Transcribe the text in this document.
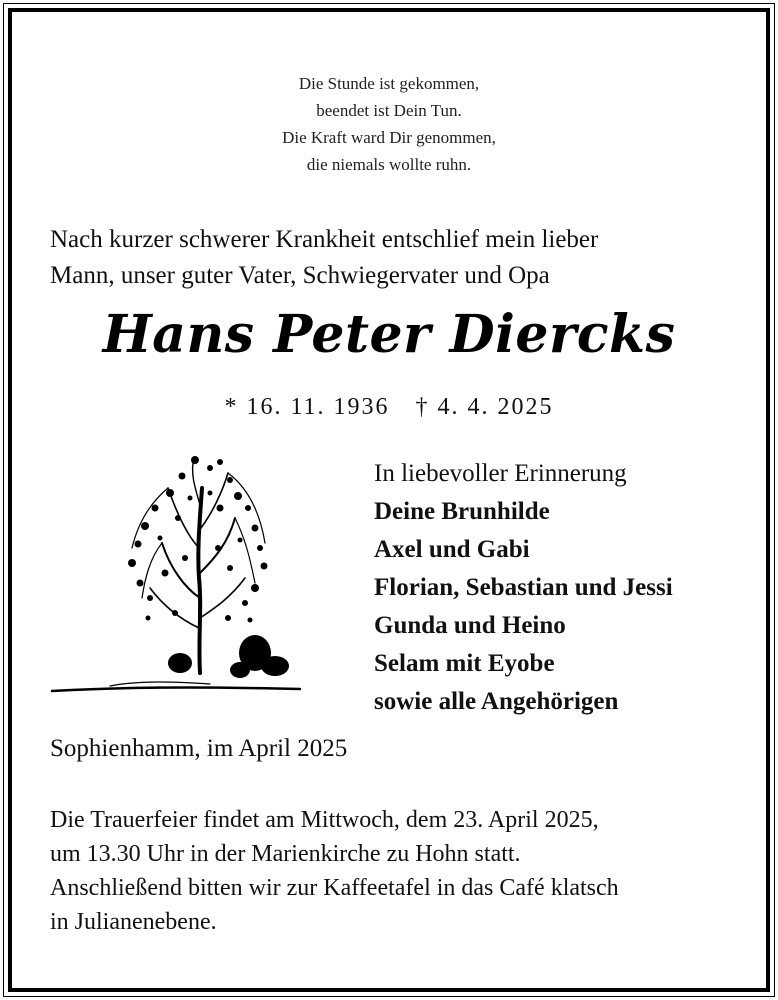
Die Stunde ist gekommen,
beendet ist Dein Tun.
Die Kraft ward Dir genommen,
die niemals wollte ruhn.
Nach kurzer schwerer Krankheit entschlief mein lieber
Mann, unser guter Vater, Schwiegervater und Opa
Hans Peter Diercks
* 16. 11. 1936 † 4. 4. 2025
In liebevoller Erinnerung
Deine Brunhilde
Axel und Gabi
Florian, Sebastian und Jessi
Gunda und Heino
Selam mit Eyobe
sowie alle Angehörigen
Sophienhamm, im April 2025
Die Trauerfeier findet am Mittwoch, dem 23. April 2025,
um 13.30 Uhr in der Marienkirche zu Hohn statt.
Anschließend bitten wir zur Kaffeetafel in das Café klatsch
in Julianenebene.
